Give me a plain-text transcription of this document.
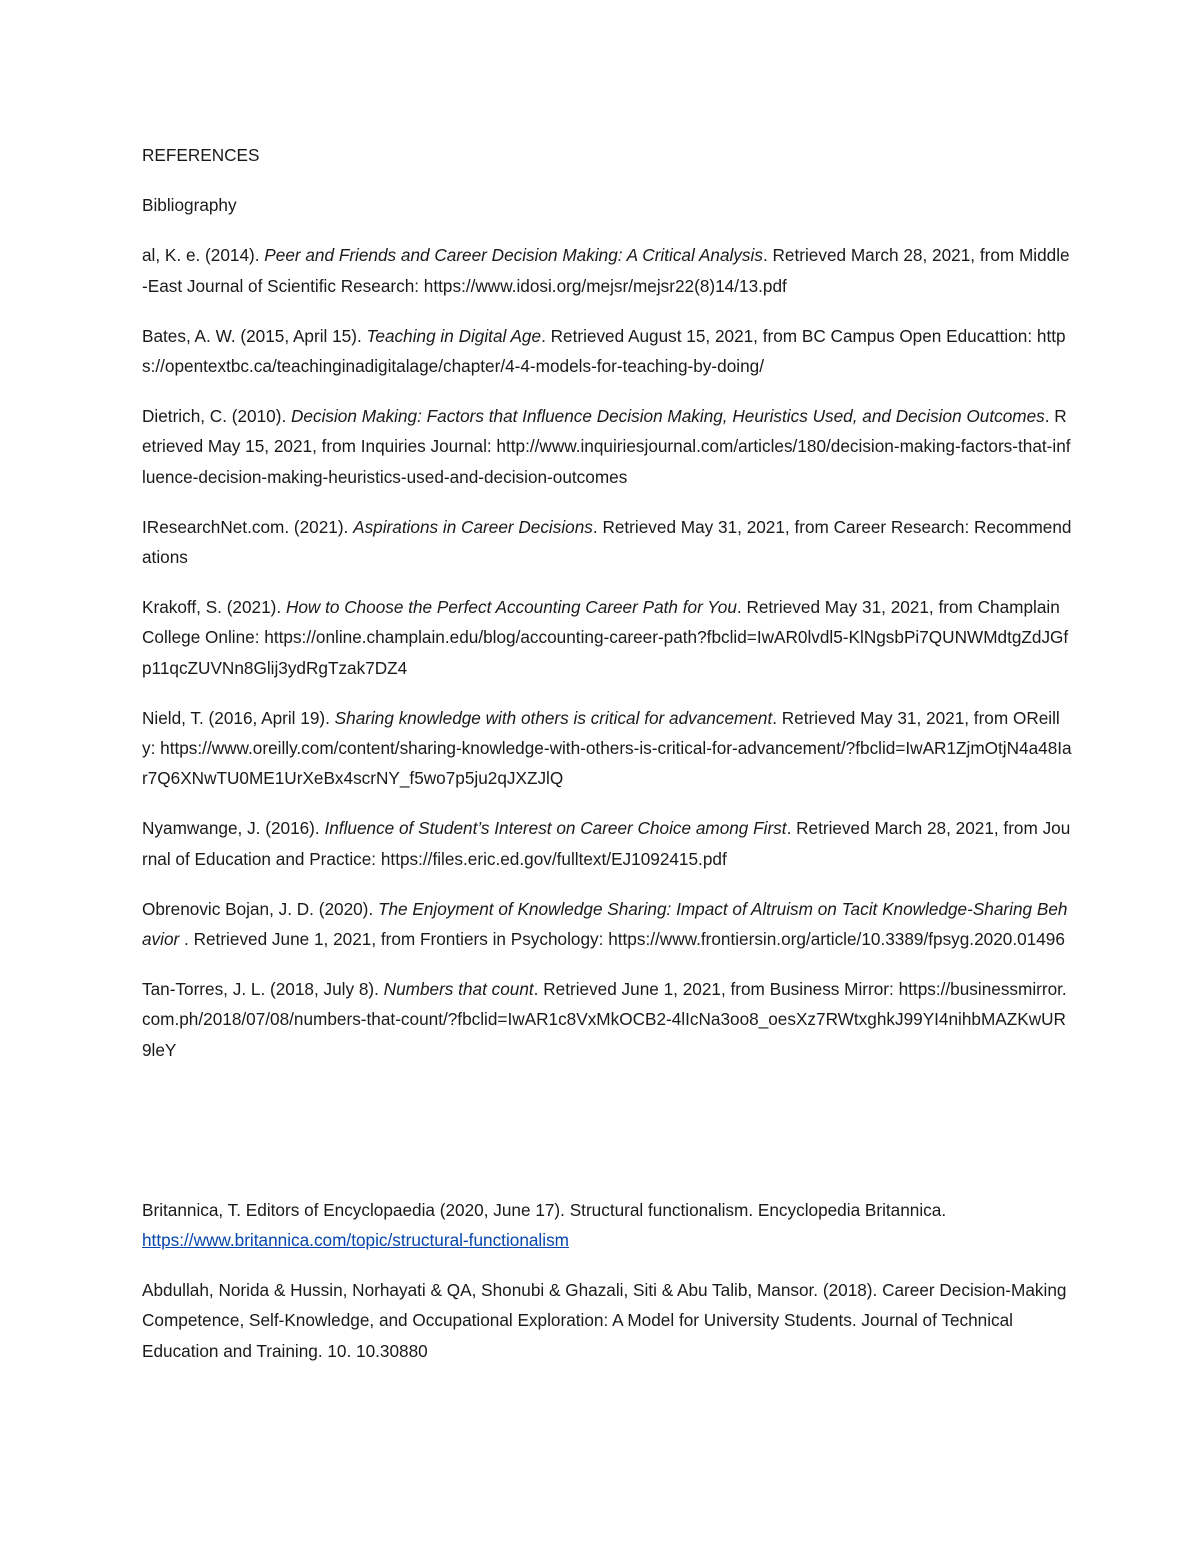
REFERENCES

Bibliography

al, K. e. (2014). Peer and Friends and Career Decision Making: A Critical Analysis. Retrieved March 28, 2021, from Middle-East Journal of Scientific Research: https://www.idosi.org/mejsr/mejsr22(8)14/13.pdf

Bates, A. W. (2015, April 15). Teaching in Digital Age. Retrieved August 15, 2021, from BC Campus Open Educattion: https://opentextbc.ca/teachinginadigitalage/chapter/4-4-models-for-teaching-by-doing/

Dietrich, C. (2010). Decision Making: Factors that Influence Decision Making, Heuristics Used, and Decision Outcomes. Retrieved May 15, 2021, from Inquiries Journal: http://www.inquiriesjournal.com/articles/180/decision-making-factors-that-influence-decision-making-heuristics-used-and-decision-outcomes

IResearchNet.com. (2021). Aspirations in Career Decisions. Retrieved May 31, 2021, from Career Research: Recommendations

Krakoff, S. (2021). How to Choose the Perfect Accounting Career Path for You. Retrieved May 31, 2021, from Champlain College Online: https://online.champlain.edu/blog/accounting-career-path?fbclid=IwAR0lvdl5-KlNgsbPi7QUNWMdtgZdJGfp11qcZUVNn8Glij3ydRgTzak7DZ4

Nield, T. (2016, April 19). Sharing knowledge with others is critical for advancement. Retrieved May 31, 2021, from OReilly: https://www.oreilly.com/content/sharing-knowledge-with-others-is-critical-for-advancement/?fbclid=IwAR1ZjmOtjN4a48Iar7Q6XNwTU0ME1UrXeBx4scrNY_f5wo7p5ju2qJXZJlQ

Nyamwange, J. (2016). Influence of Student’s Interest on Career Choice among First. Retrieved March 28, 2021, from Journal of Education and Practice: https://files.eric.ed.gov/fulltext/EJ1092415.pdf

Obrenovic Bojan, J. D. (2020). The Enjoyment of Knowledge Sharing: Impact of Altruism on Tacit Knowledge-Sharing Behavior . Retrieved June 1, 2021, from Frontiers in Psychology: https://www.frontiersin.org/article/10.3389/fpsyg.2020.01496

Tan-Torres, J. L. (2018, July 8). Numbers that count. Retrieved June 1, 2021, from Business Mirror: https://businessmirror.com.ph/2018/07/08/numbers-that-count/?fbclid=IwAR1c8VxMkOCB2-4lIcNa3oo8_oesXz7RWtxghkJ99YI4nihbMAZKwUR9leY

Britannica, T. Editors of Encyclopaedia (2020, June 17). Structural functionalism. Encyclopedia Britannica. https://www.britannica.com/topic/structural-functionalism

Abdullah, Norida & Hussin, Norhayati & QA, Shonubi & Ghazali, Siti & Abu Talib, Mansor. (2018). Career Decision-Making Competence, Self-Knowledge, and Occupational Exploration: A Model for University Students. Journal of Technical Education and Training. 10. 10.30880
